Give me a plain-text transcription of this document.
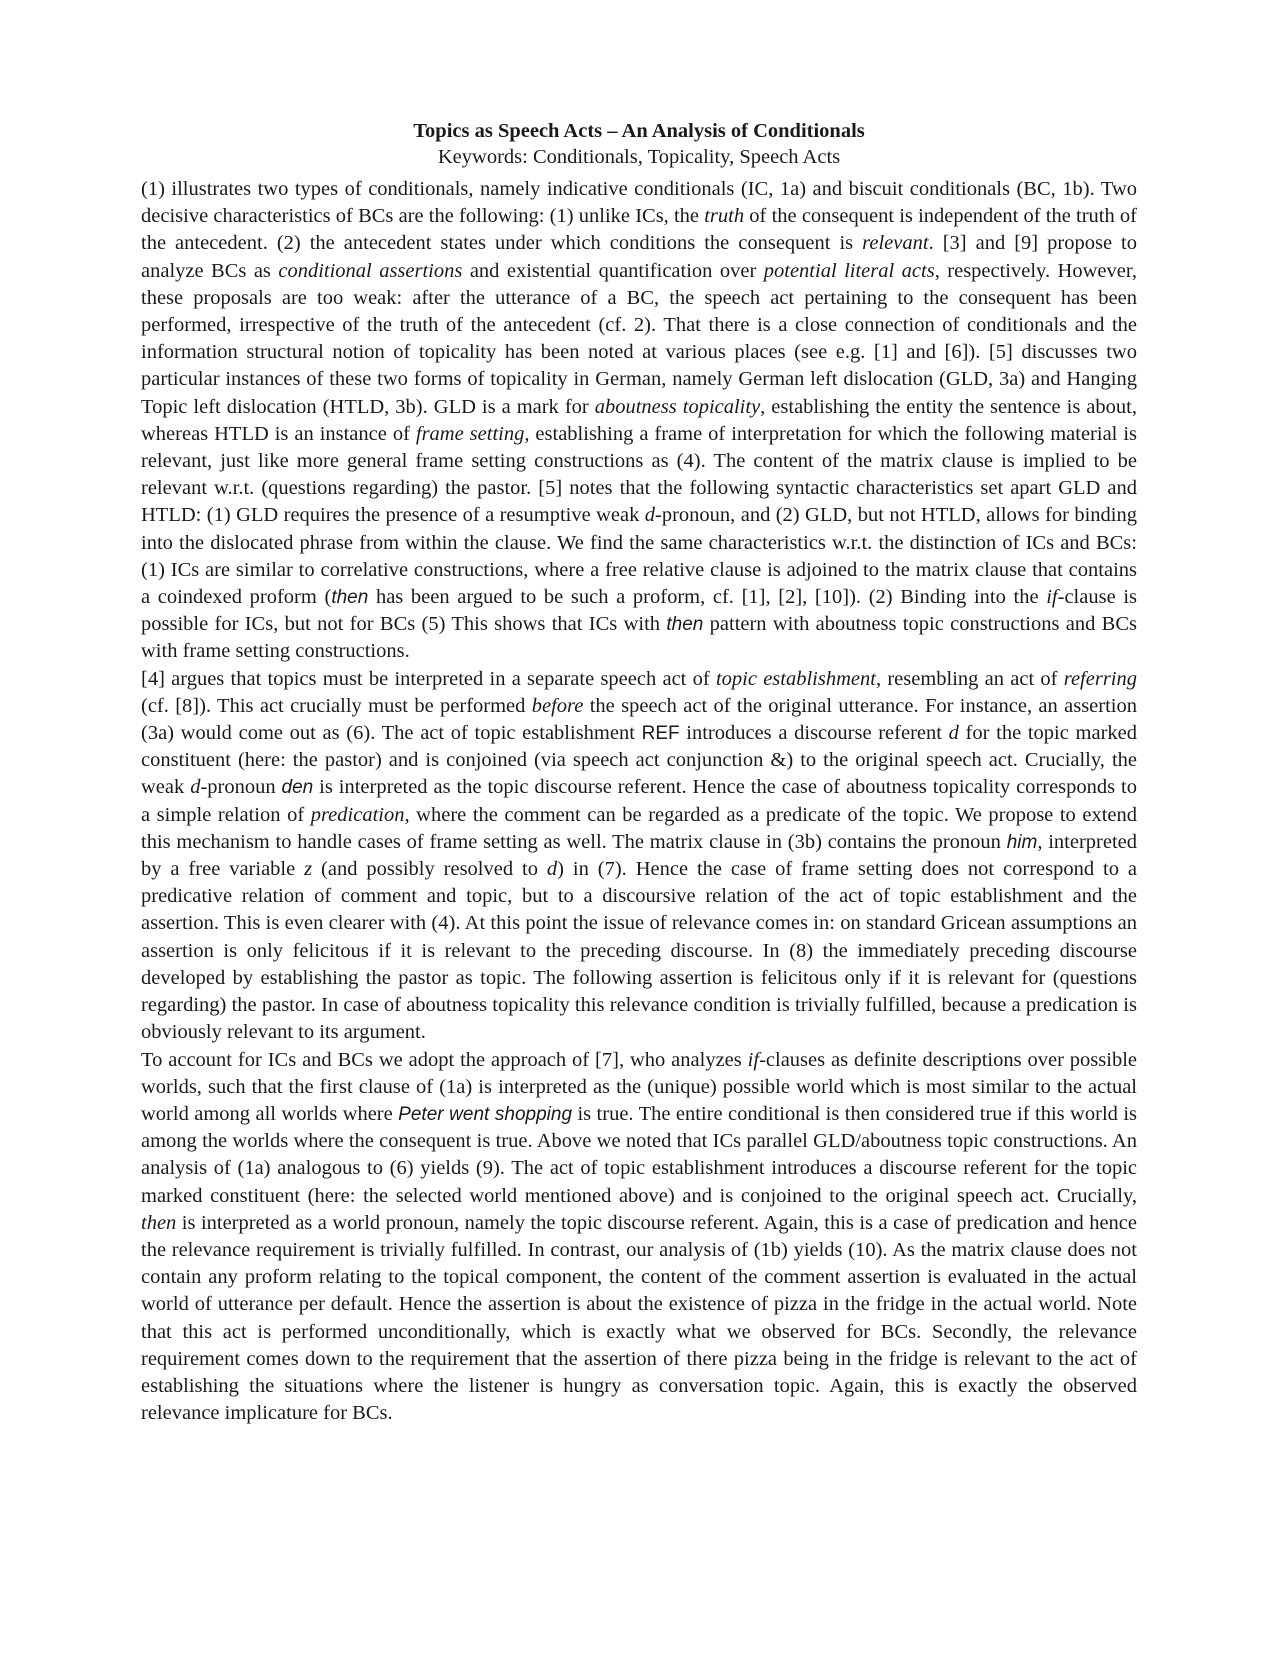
Topics as Speech Acts – An Analysis of Conditionals
Keywords: Conditionals, Topicality, Speech Acts

(1) illustrates two types of conditionals, namely indicative conditionals (IC, 1a) and biscuit conditionals (BC, 1b). Two decisive characteristics of BCs are the following: (1) unlike ICs, the truth of the consequent is independent of the truth of the antecedent. (2) the antecedent states under which conditions the consequent is relevant. [3] and [9] propose to analyze BCs as conditional assertions and existential quantification over potential literal acts, respectively. However, these proposals are too weak: after the utterance of a BC, the speech act pertaining to the consequent has been performed, irrespective of the truth of the antecedent (cf. 2). That there is a close connection of conditionals and the information structural notion of topicality has been noted at various places (see e.g. [1] and [6]). [5] discusses two particular instances of these two forms of topicality in German, namely German left dislocation (GLD, 3a) and Hanging Topic left dislocation (HTLD, 3b). GLD is a mark for aboutness topicality, establishing the entity the sentence is about, whereas HTLD is an instance of frame setting, establishing a frame of interpretation for which the following material is relevant, just like more general frame setting constructions as (4). The content of the matrix clause is implied to be relevant w.r.t. (questions regarding) the pastor. [5] notes that the following syntactic characteristics set apart GLD and HTLD: (1) GLD requires the presence of a resumptive weak d-pronoun, and (2) GLD, but not HTLD, allows for binding into the dislocated phrase from within the clause. We find the same characteristics w.r.t. the distinction of ICs and BCs: (1) ICs are similar to correlative constructions, where a free relative clause is adjoined to the matrix clause that contains a coindexed proform (then has been argued to be such a proform, cf. [1], [2], [10]). (2) Binding into the if-clause is possible for ICs, but not for BCs (5) This shows that ICs with then pattern with aboutness topic constructions and BCs with frame setting constructions.

[4] argues that topics must be interpreted in a separate speech act of topic establishment, resembling an act of referring (cf. [8]). This act crucially must be performed before the speech act of the original utterance. For instance, an assertion (3a) would come out as (6). The act of topic establishment REF introduces a discourse referent d for the topic marked constituent (here: the pastor) and is conjoined (via speech act conjunction &) to the original speech act. Crucially, the weak d-pronoun den is interpreted as the topic discourse referent. Hence the case of aboutness topicality corresponds to a simple relation of predication, where the comment can be regarded as a predicate of the topic. We propose to extend this mechanism to handle cases of frame setting as well. The matrix clause in (3b) contains the pronoun him, interpreted by a free variable z (and possibly resolved to d) in (7). Hence the case of frame setting does not correspond to a predicative relation of comment and topic, but to a discoursive relation of the act of topic establishment and the assertion. This is even clearer with (4). At this point the issue of relevance comes in: on standard Gricean assumptions an assertion is only felicitous if it is relevant to the preceding discourse. In (8) the immediately preceding discourse developed by establishing the pastor as topic. The following assertion is felicitous only if it is relevant for (questions regarding) the pastor. In case of aboutness topicality this relevance condition is trivially fulfilled, because a predication is obviously relevant to its argument.

To account for ICs and BCs we adopt the approach of [7], who analyzes if-clauses as definite descriptions over possible worlds, such that the first clause of (1a) is interpreted as the (unique) possible world which is most similar to the actual world among all worlds where Peter went shopping is true. The entire conditional is then considered true if this world is among the worlds where the consequent is true. Above we noted that ICs parallel GLD/aboutness topic constructions. An analysis of (1a) analogous to (6) yields (9). The act of topic establishment introduces a discourse referent for the topic marked constituent (here: the selected world mentioned above) and is conjoined to the original speech act. Crucially, then is interpreted as a world pronoun, namely the topic discourse referent. Again, this is a case of predication and hence the relevance requirement is trivially fulfilled. In contrast, our analysis of (1b) yields (10). As the matrix clause does not contain any proform relating to the topical component, the content of the comment assertion is evaluated in the actual world of utterance per default. Hence the assertion is about the existence of pizza in the fridge in the actual world. Note that this act is performed unconditionally, which is exactly what we observed for BCs. Secondly, the relevance requirement comes down to the requirement that the assertion of there pizza being in the fridge is relevant to the act of establishing the situations where the listener is hungry as conversation topic. Again, this is exactly the observed relevance implicature for BCs.
